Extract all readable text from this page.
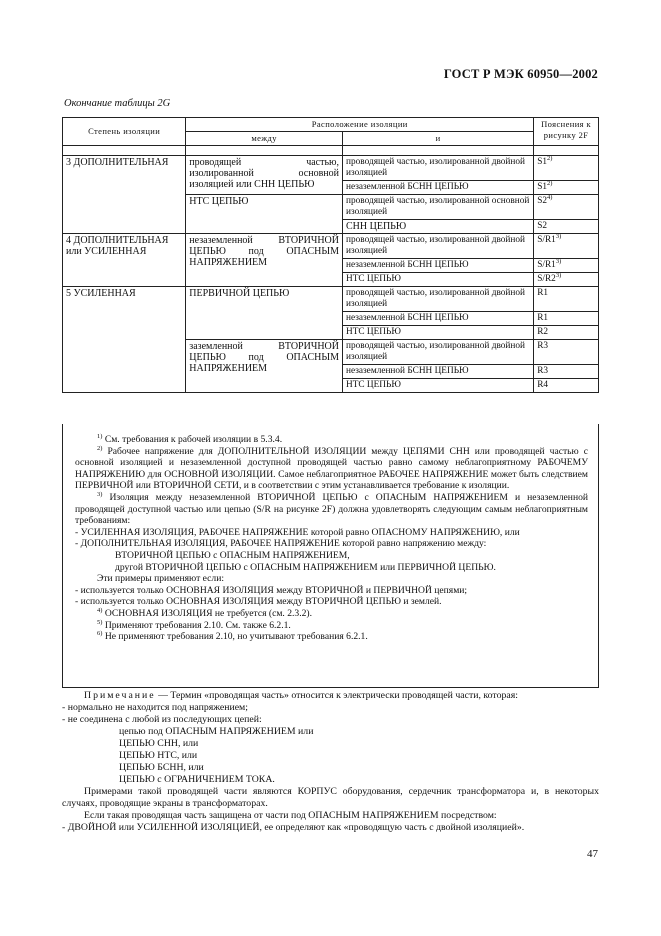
ГОСТ Р МЭК 60950—2002
Окончание таблицы 2G
Степень изоляции	Расположение изоляции		Пояснения к рисунку 2F
	между	и	

3 ДОПОЛНИТЕЛЬНАЯ	проводящей частью, изолированной основной изоляцией или СНН ЦЕПЬЮ	проводящей частью, изолированной двойной изоляцией	S1$^{2)}$
		незаземленной БСНН ЦЕПЬЮ	S1$^{2)}$
	НТС ЦЕПЬЮ	проводящей частью, изолированной основной изоляцией	S2$^{4)}$
		СНН ЦЕПЬЮ	S2
4 ДОПОЛНИТЕЛЬНАЯ или УСИЛЕННАЯ	незаземленной ВТОРИЧНОЙ ЦЕПЬЮ под ОПАСНЫМ НАПРЯЖЕНИЕМ	проводящей частью, изолированной двойной изоляцией	S/R1$^{3)}$
		незаземленной БСНН ЦЕПЬЮ	S/R1$^{3)}$
		НТС ЦЕПЬЮ	S/R2$^{3)}$
5 УСИЛЕННАЯ	ПЕРВИЧНОЙ ЦЕПЬЮ	проводящей частью, изолированной двойной изоляцией	R1
		незаземленной БСНН ЦЕПЬЮ	R1
		НТС ЦЕПЬЮ	R2
	заземленной ВТОРИЧНОЙ ЦЕПЬЮ под ОПАСНЫМ НАПРЯЖЕНИЕМ	проводящей частью, изолированной двойной изоляцией	R3
		незаземленной БСНН ЦЕПЬЮ	R3
		НТС ЦЕПЬЮ	R4

$^{1)}$ См. требования к рабочей изоляции в 5.3.4.

$^{2)}$ Рабочее напряжение для ДОПОЛНИТЕЛЬНОЙ ИЗОЛЯЦИИ между ЦЕПЯМИ СНН или проводящей частью с основной изоляцией и незаземленной доступной проводящей частью равно самому неблагоприятному РАБОЧЕМУ НАПРЯЖЕНИЮ для ОСНОВНОЙ ИЗОЛЯЦИИ. Самое неблагоприятное РАБОЧЕЕ НАПРЯЖЕНИЕ может быть следствием ПЕРВИЧНОЙ или ВТОРИЧНОЙ СЕТИ, и в соответствии с этим устанавливается требование к изоляции.

$^{3)}$ Изоляция между незаземленной ВТОРИЧНОЙ ЦЕПЬЮ с ОПАСНЫМ НАПРЯЖЕНИЕМ и незаземленной проводящей доступной частью или цепью (S/R на рисунке 2F) должна удовлетворять следующим самым неблагоприятным требованиям:

- УСИЛЕННАЯ ИЗОЛЯЦИЯ, РАБОЧЕЕ НАПРЯЖЕНИЕ которой равно ОПАСНОМУ НАПРЯЖЕНИЮ, или

- ДОПОЛНИТЕЛЬНАЯ ИЗОЛЯЦИЯ, РАБОЧЕЕ НАПРЯЖЕНИЕ которой равно напряжению между:

ВТОРИЧНОЙ ЦЕПЬЮ с ОПАСНЫМ НАПРЯЖЕНИЕМ,

другой ВТОРИЧНОЙ ЦЕПЬЮ с ОПАСНЫМ НАПРЯЖЕНИЕМ или ПЕРВИЧНОЙ ЦЕПЬЮ.

Эти примеры применяют если:

- используется только ОСНОВНАЯ ИЗОЛЯЦИЯ между ВТОРИЧНОЙ и ПЕРВИЧНОЙ цепями;

- используется только ОСНОВНАЯ ИЗОЛЯЦИЯ между ВТОРИЧНОЙ ЦЕПЬЮ и землей.

$^{4)}$ ОСНОВНАЯ ИЗОЛЯЦИЯ не требуется (см. 2.3.2).

$^{5)}$ Применяют требования 2.10. См. также 6.2.1.

$^{6)}$ Не применяют требования 2.10, но учитывают требования 6.2.1.

Примечание — Термин «проводящая часть» относится к электрически проводящей части, которая:

- нормально не находится под напряжением;

- не соединена с любой из последующих цепей:

цепью под ОПАСНЫМ НАПРЯЖЕНИЕМ или

ЦЕПЬЮ СНН, или

ЦЕПЬЮ НТС, или

ЦЕПЬЮ БСНН, или

ЦЕПЬЮ с ОГРАНИЧЕНИЕМ ТОКА.

Примерами такой проводящей части являются КОРПУС оборудования, сердечник трансформатора и, в некоторых случаях, проводящие экраны в трансформаторах.

Если такая проводящая часть защищена от части под ОПАСНЫМ НАПРЯЖЕНИЕМ посредством:

- ДВОЙНОЙ или УСИЛЕННОЙ ИЗОЛЯЦИЕЙ, ее определяют как «проводящую часть с двойной изоляцией».

47
